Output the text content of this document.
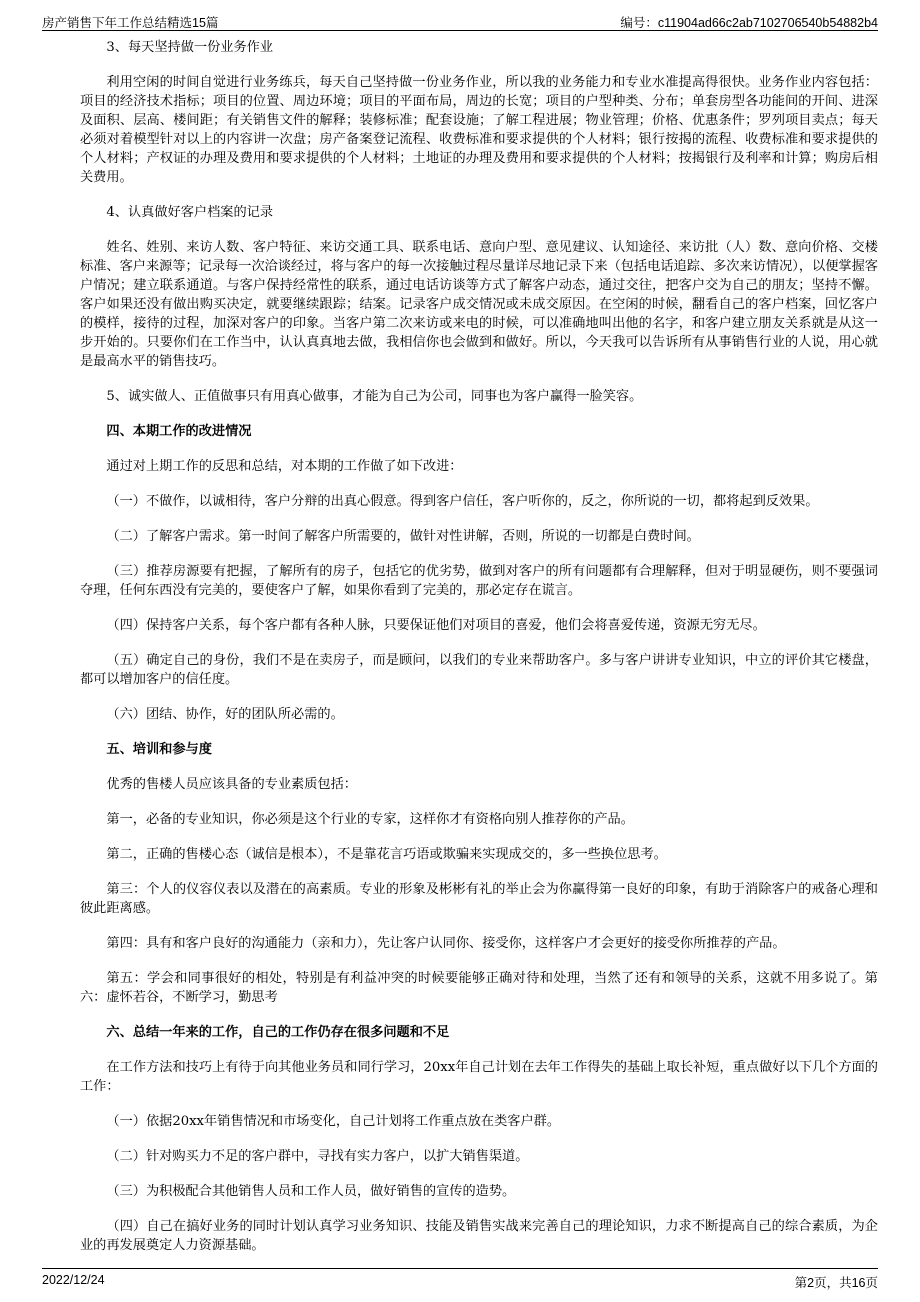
房产销售下年工作总结精选15篇	编号：c11904ad66c2ab7102706540b54882b4

3、每天坚持做一份业务作业

利用空闲的时间自觉进行业务练兵，每天自己坚持做一份业务作业，所以我的业务能力和专业水准提高得很快。业务作业内容包括：项目的经济技术指标；项目的位置、周边环境；项目的平面布局，周边的长宽；项目的户型种类、分布；单套房型各功能间的开间、进深及面积、层高、楼间距；有关销售文件的解释；装修标准；配套设施；了解工程进展；物业管理；价格、优惠条件；罗列项目卖点；每天必须对着模型针对以上的内容讲一次盘；房产备案登记流程、收费标准和要求提供的个人材料；银行按揭的流程、收费标准和要求提供的个人材料；产权证的办理及费用和要求提供的个人材料；土地证的办理及费用和要求提供的个人材料；按揭银行及利率和计算；购房后相关费用。

4、认真做好客户档案的记录

姓名、姓别、来访人数、客户特征、来访交通工具、联系电话、意向户型、意见建议、认知途径、来访批（人）数、意向价格、交楼标准、客户来源等；记录每一次洽谈经过，将与客户的每一次接触过程尽量详尽地记录下来（包括电话追踪、多次来访情况），以便掌握客户情况；建立联系通道。与客户保持经常性的联系，通过电话访谈等方式了解客户动态，通过交往，把客户交为自己的朋友；坚持不懈。客户如果还没有做出购买决定，就要继续跟踪；结案。记录客户成交情况或未成交原因。在空闲的时候，翻看自己的客户档案，回忆客户的模样，接待的过程，加深对客户的印象。当客户第二次来访或来电的时候，可以准确地叫出他的名字，和客户建立朋友关系就是从这一步开始的。只要你们在工作当中，认认真真地去做，我相信你也会做到和做好。所以，今天我可以告诉所有从事销售行业的人说，用心就是最高水平的销售技巧。

5、诚实做人、正值做事只有用真心做事，才能为自己为公司，同事也为客户赢得一脸笑容。

四、本期工作的改进情况

通过对上期工作的反思和总结，对本期的工作做了如下改进：

（一）不做作，以诚相待，客户分辩的出真心假意。得到客户信任，客户听你的，反之，你所说的一切，都将起到反效果。

（二）了解客户需求。第一时间了解客户所需要的，做针对性讲解，否则，所说的一切都是白费时间。

（三）推荐房源要有把握，了解所有的房子，包括它的优劣势，做到对客户的所有问题都有合理解释，但对于明显硬伤，则不要强词夺理，任何东西没有完美的，要使客户了解，如果你看到了完美的，那必定存在谎言。

（四）保持客户关系，每个客户都有各种人脉，只要保证他们对项目的喜爱，他们会将喜爱传递，资源无穷无尽。

（五）确定自己的身份，我们不是在卖房子，而是顾问，以我们的专业来帮助客户。多与客户讲讲专业知识，中立的评价其它楼盘，都可以增加客户的信任度。

（六）团结、协作，好的团队所必需的。

五、培训和参与度

优秀的售楼人员应该具备的专业素质包括：

第一，必备的专业知识，你必须是这个行业的专家，这样你才有资格向别人推荐你的产品。

第二，正确的售楼心态（诚信是根本），不是靠花言巧语或欺骗来实现成交的，多一些换位思考。

第三：个人的仪容仪表以及潜在的高素质。专业的形象及彬彬有礼的举止会为你赢得第一良好的印象，有助于消除客户的戒备心理和彼此距离感。

第四：具有和客户良好的沟通能力（亲和力），先让客户认同你、接受你，这样客户才会更好的接受你所推荐的产品。

第五：学会和同事很好的相处，特别是有利益冲突的时候要能够正确对待和处理，当然了还有和领导的关系，这就不用多说了。第六：虚怀若谷，不断学习，勤思考

六、总结一年来的工作，自己的工作仍存在很多问题和不足

在工作方法和技巧上有待于向其他业务员和同行学习，20xx年自己计划在去年工作得失的基础上取长补短，重点做好以下几个方面的工作：

（一）依据20xx年销售情况和市场变化，自己计划将工作重点放在类客户群。

（二）针对购买力不足的客户群中，寻找有实力客户，以扩大销售渠道。

（三）为积极配合其他销售人员和工作人员，做好销售的宣传的造势。

（四）自己在搞好业务的同时计划认真学习业务知识、技能及销售实战来完善自己的理论知识，力求不断提高自己的综合素质，为企业的再发展奠定人力资源基础。

2022/12/24	第2页，共16页
